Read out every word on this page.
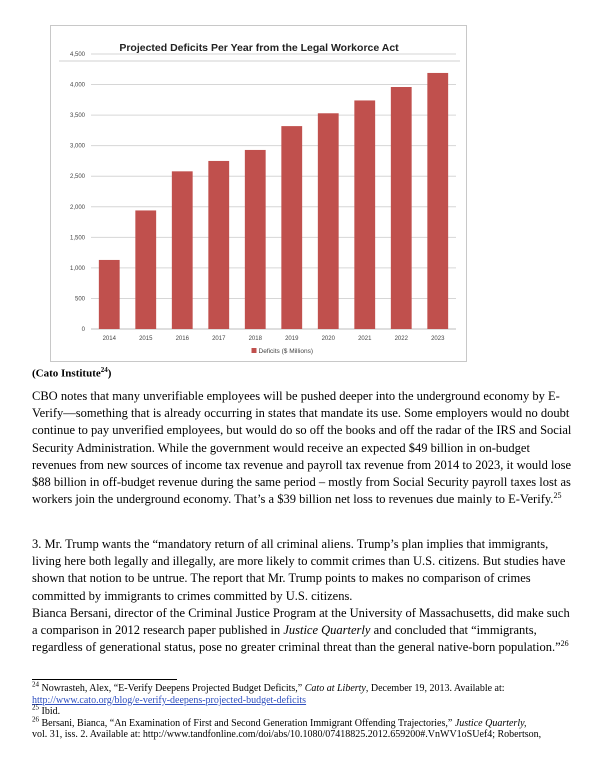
Projected Deficits Per Year from the Legal Workorce Act
0
500
1,000
1,500
2,000
2,500
3,000
3,500
4,000
4,500
2014	2015	2016	2017	2018	2019	2020	2021	2022	2023
Deficits ($ Millions)
(Cato Institute$^{24}$)
CBO notes that many unverifiable employees will be pushed deeper into the underground economy by E-Verify—something that is already occurring in states that mandate its use. Some employers would no doubt continue to pay unverified employees, but would do so off the books and off the radar of the IRS and Social Security Administration. While the government would receive an expected $49 billion in on-budget revenues from new sources of income tax revenue and payroll tax revenue from 2014 to 2023, it would lose $88 billion in off-budget revenue during the same period – mostly from Social Security payroll taxes lost as workers join the underground economy. That’s a $39 billion net loss to revenues due mainly to E-Verify.$^{25}$
3. Mr. Trump wants the “mandatory return of all criminal aliens. Trump’s plan implies that immigrants, living here both legally and illegally, are more likely to commit crimes than U.S. citizens. But studies have shown that notion to be untrue. The report that Mr. Trump points to makes no comparison of crimes committed by immigrants to crimes committed by U.S. citizens.
Bianca Bersani, director of the Criminal Justice Program at the University of Massachusetts, did make such a comparison in 2012 research paper published in Justice Quarterly and concluded that “immigrants, regardless of generational status, pose no greater criminal threat than the general native-born population.”$^{26}$
$^{24}$ Nowrasteh, Alex, “E-Verify Deepens Projected Budget Deficits,” Cato at Liberty, December 19, 2013. Available at:
http://www.cato.org/blog/e-verify-deepens-projected-budget-deficits
$^{25}$ Ibid.
$^{26}$ Bersani, Bianca, “An Examination of First and Second Generation Immigrant Offending Trajectories,” Justice Quarterly,
vol. 31, iss. 2. Available at: http://www.tandfonline.com/doi/abs/10.1080/07418825.2012.659200#.VnWV1oSUef4; Robertson,
